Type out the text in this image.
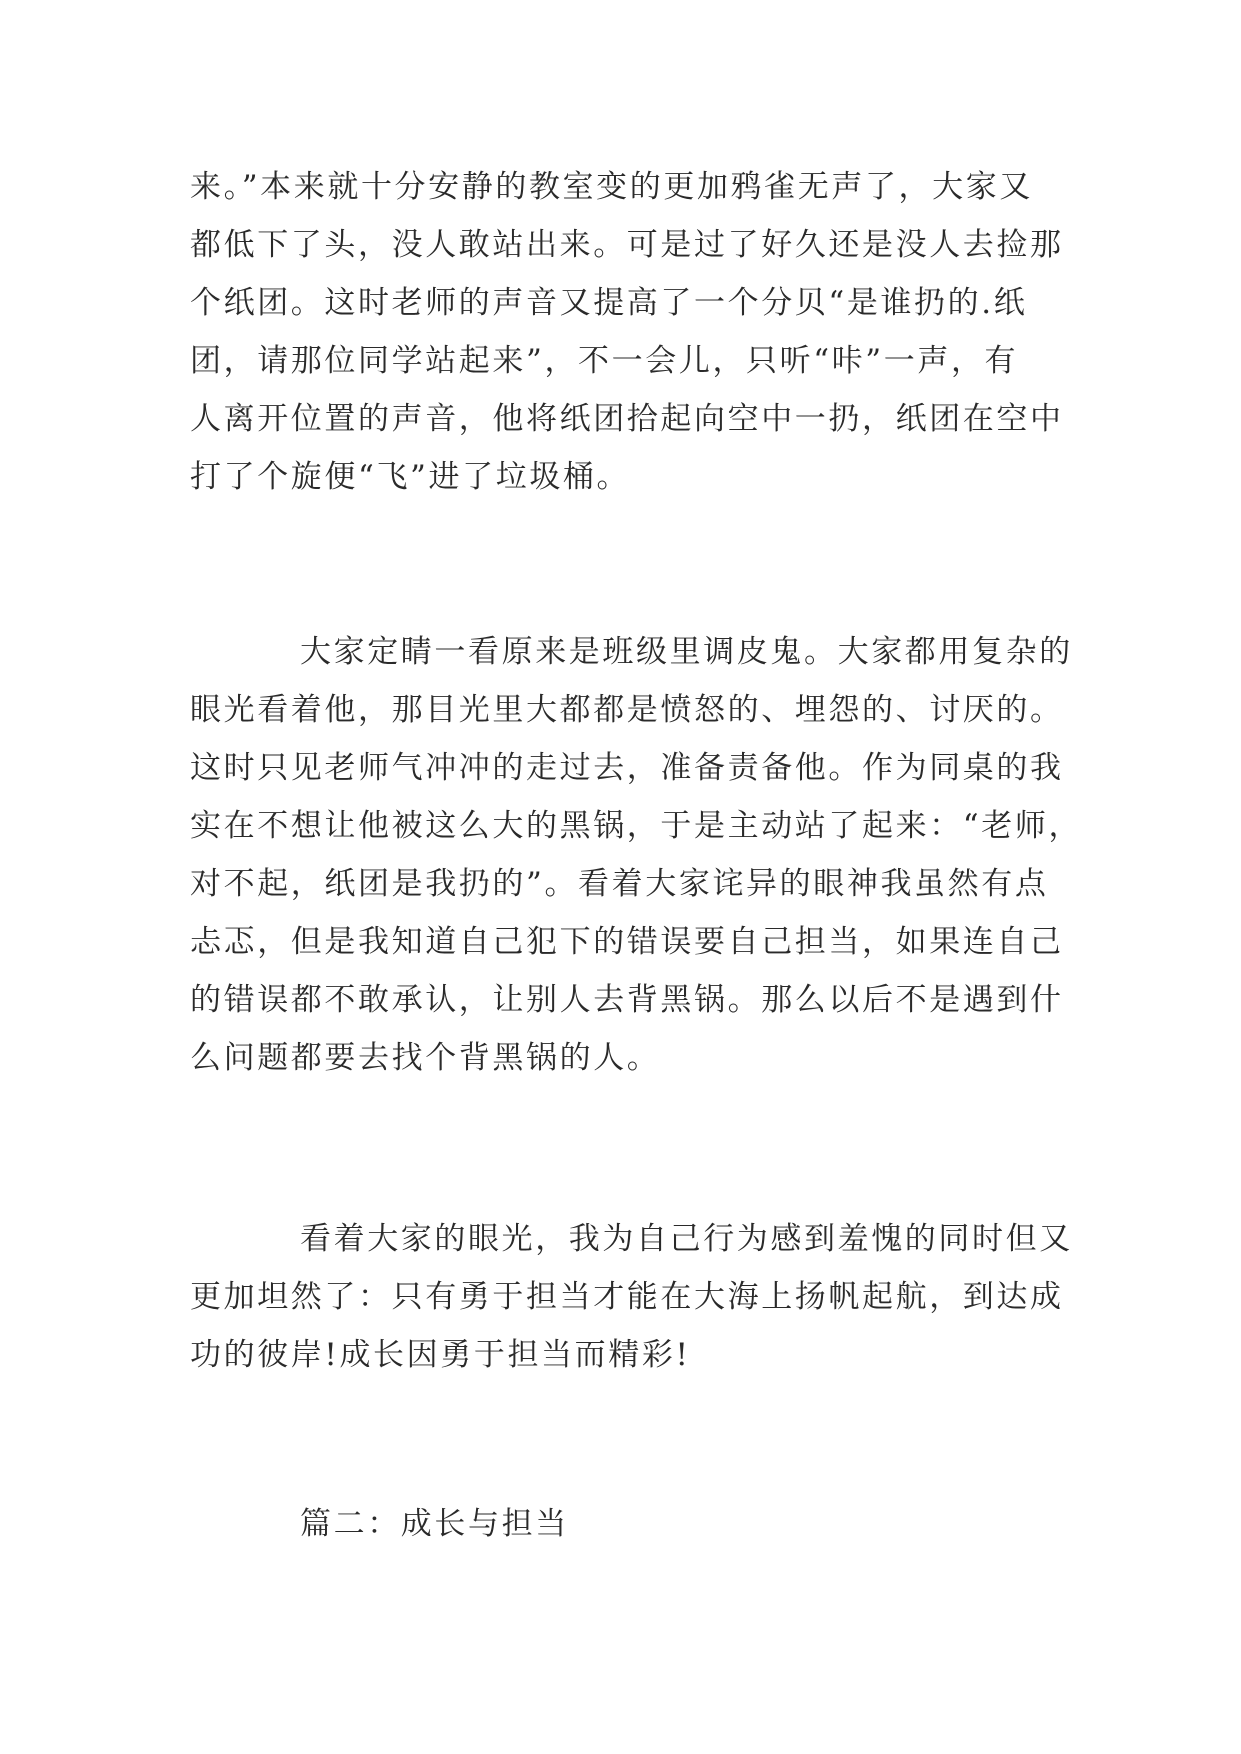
来。”本来就十分安静的教室变的更加鸦雀无声了，大家又
都低下了头，没人敢站出来。可是过了好久还是没人去捡那
个纸团。这时老师的声音又提高了一个分贝“是谁扔的.纸
团，请那位同学站起来”，不一会儿，只听“咔”一声，有
人离开位置的声音，他将纸团拾起向空中一扔，纸团在空中
打了个旋便“飞”进了垃圾桶。
大家定睛一看原来是班级里调皮鬼。大家都用复杂的
眼光看着他，那目光里大都都是愤怒的、埋怨的、讨厌的。
这时只见老师气冲冲的走过去，准备责备他。作为同桌的我
实在不想让他被这么大的黑锅，于是主动站了起来：“老师，
对不起，纸团是我扔的”。看着大家诧异的眼神我虽然有点
忐忑，但是我知道自己犯下的错误要自己担当，如果连自己
的错误都不敢承认，让别人去背黑锅。那么以后不是遇到什
么问题都要去找个背黑锅的人。
看着大家的眼光，我为自己行为感到羞愧的同时但又
更加坦然了：只有勇于担当才能在大海上扬帆起航，到达成
功的彼岸!成长因勇于担当而精彩!
篇二：成长与担当
